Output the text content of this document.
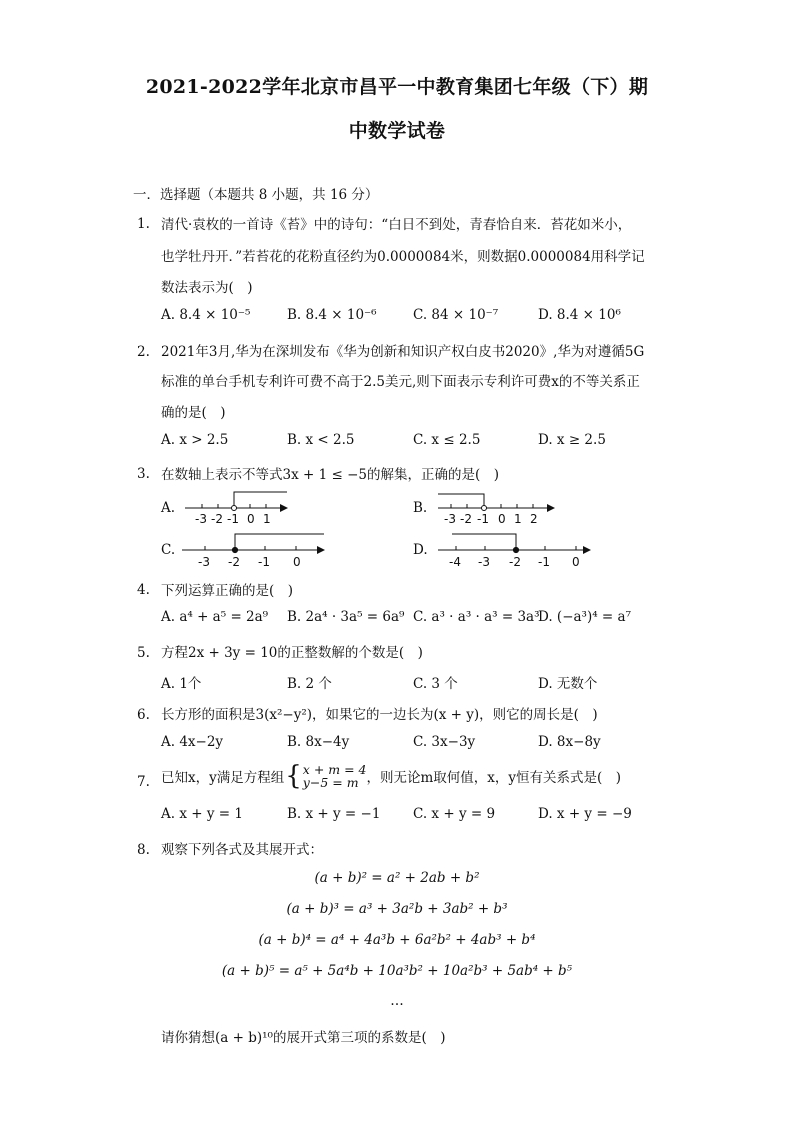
2021-2022学年北京市昌平一中教育集团七年级（下）期
中数学试卷
一．选择题（本题共 8 小题，共 16 分）
1. 清代·袁枚的一首诗《苔》中的诗句：“白日不到处，青春恰自来．苔花如米小，
也学牡丹开．”若苔花的花粉直径约为0.0000084米，则数据0.0000084用科学记
数法表示为(　)
A. 8.4 × 10⁻⁵	B. 8.4 × 10⁻⁶	C. 84 × 10⁻⁷	D. 8.4 × 10⁶
2. 2021年3月,华为在深圳发布《华为创新和知识产权白皮书2020》,华为对遵循5G
标准的单台手机专利许可费不高于2.5美元,则下面表示专利许可费x的不等关系正
确的是(　)
A. x > 2.5	B. x < 2.5	C. x ≤ 2.5	D. x ≥ 2.5
3. 在数轴上表示不等式3x + 1 ≤ −5的解集，正确的是(　)
A.	B.
C.	D.
-3 -2 -1 0 1	-3 -2 -1 0 1 2
-3 -2 -1 0	-4 -3 -2 -1 0
4. 下列运算正确的是(　)
A. a⁴ + a⁵ = 2a⁹ B. 2a⁴ · 3a⁵ = 6a⁹ C. a³ · a³ · a³ = 3a³
D. (−a³)⁴ = a⁷
5. 方程2x + 3y = 10的正整数解的个数是(　)
A. 1个	B. 2 个	C. 3 个	D. 无数个
6. 长方形的面积是3(x²−y²)，如果它的一边长为(x + y)，则它的周长是(　)
A. 4x−2y	B. 8x−4y	C. 3x−3y	D. 8x−8y
7. 已知x，y满足方程组 { x + m = 4
y−5 = m ，则无论m取何值，x，y恒有关系式是(　)
A. x + y = 1	B. x + y = −1 C. x + y = 9	D. x + y = −9
8. 观察下列各式及其展开式：
(a + b)² = a² + 2ab + b²
(a + b)³ = a³ + 3a²b + 3ab² + b³
(a + b)⁴ = a⁴ + 4a³b + 6a²b² + 4ab³ + b⁴
(a + b)⁵ = a⁵ + 5a⁴b + 10a³b² + 10a²b³ + 5ab⁴ + b⁵
…
请你猜想(a + b)¹⁰的展开式第三项的系数是(　)
